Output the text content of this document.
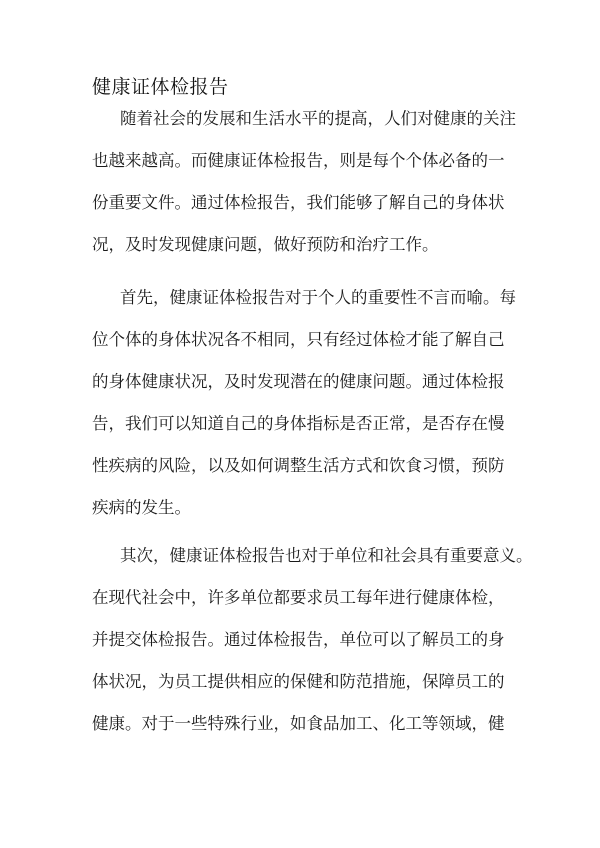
健康证体检报告
随着社会的发展和生活水平的提高，人们对健康的关注
也越来越高。而健康证体检报告，则是每个个体必备的一
份重要文件。通过体检报告，我们能够了解自己的身体状
况，及时发现健康问题，做好预防和治疗工作。
首先，健康证体检报告对于个人的重要性不言而喻。每
位个体的身体状况各不相同，只有经过体检才能了解自己
的身体健康状况，及时发现潜在的健康问题。通过体检报
告，我们可以知道自己的身体指标是否正常，是否存在慢
性疾病的风险，以及如何调整生活方式和饮食习惯，预防
疾病的发生。
其次，健康证体检报告也对于单位和社会具有重要意义。
在现代社会中，许多单位都要求员工每年进行健康体检，
并提交体检报告。通过体检报告，单位可以了解员工的身
体状况，为员工提供相应的保健和防范措施，保障员工的
健康。对于一些特殊行业，如食品加工、化工等领域，健
